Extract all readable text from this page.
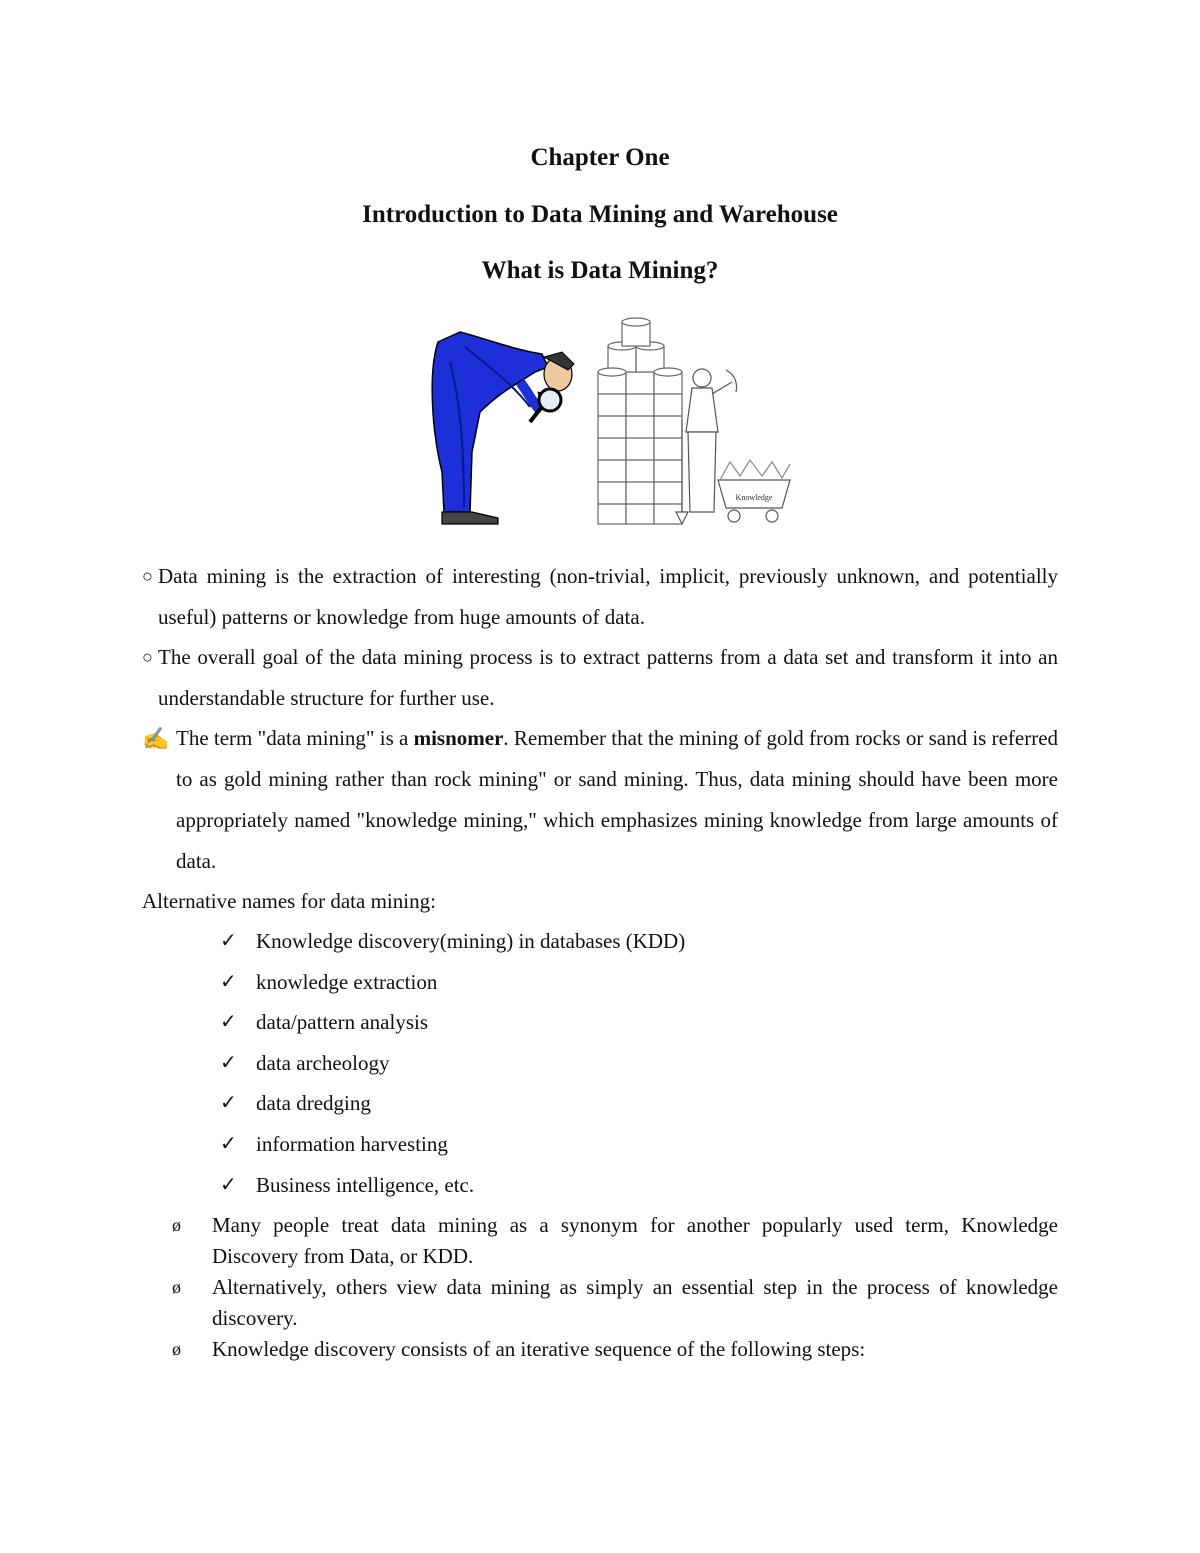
Chapter One
Introduction to Data Mining and Warehouse
What is Data Mining?
Knowledge
○ Data mining is the extraction of interesting (non-trivial, implicit, previously unknown, and potentially useful) patterns or knowledge from huge amounts of data.
○ The overall goal of the data mining process is to extract patterns from a data set and transform it into an understandable structure for further use.
✍ The term "data mining" is a misnomer. Remember that the mining of gold from rocks or sand is referred to as gold mining rather than rock mining" or sand mining. Thus, data mining should have been more appropriately named "knowledge mining," which emphasizes mining knowledge from large amounts of data.
Alternative names for data mining:
✓ Knowledge discovery(mining) in databases (KDD)
✓ knowledge extraction
✓ data/pattern analysis
✓ data archeology
✓ data dredging
✓ information harvesting
✓ Business intelligence, etc.
ø Many people treat data mining as a synonym for another popularly used term, Knowledge Discovery from Data, or KDD.
ø Alternatively, others view data mining as simply an essential step in the process of knowledge discovery.
ø Knowledge discovery consists of an iterative sequence of the following steps:
